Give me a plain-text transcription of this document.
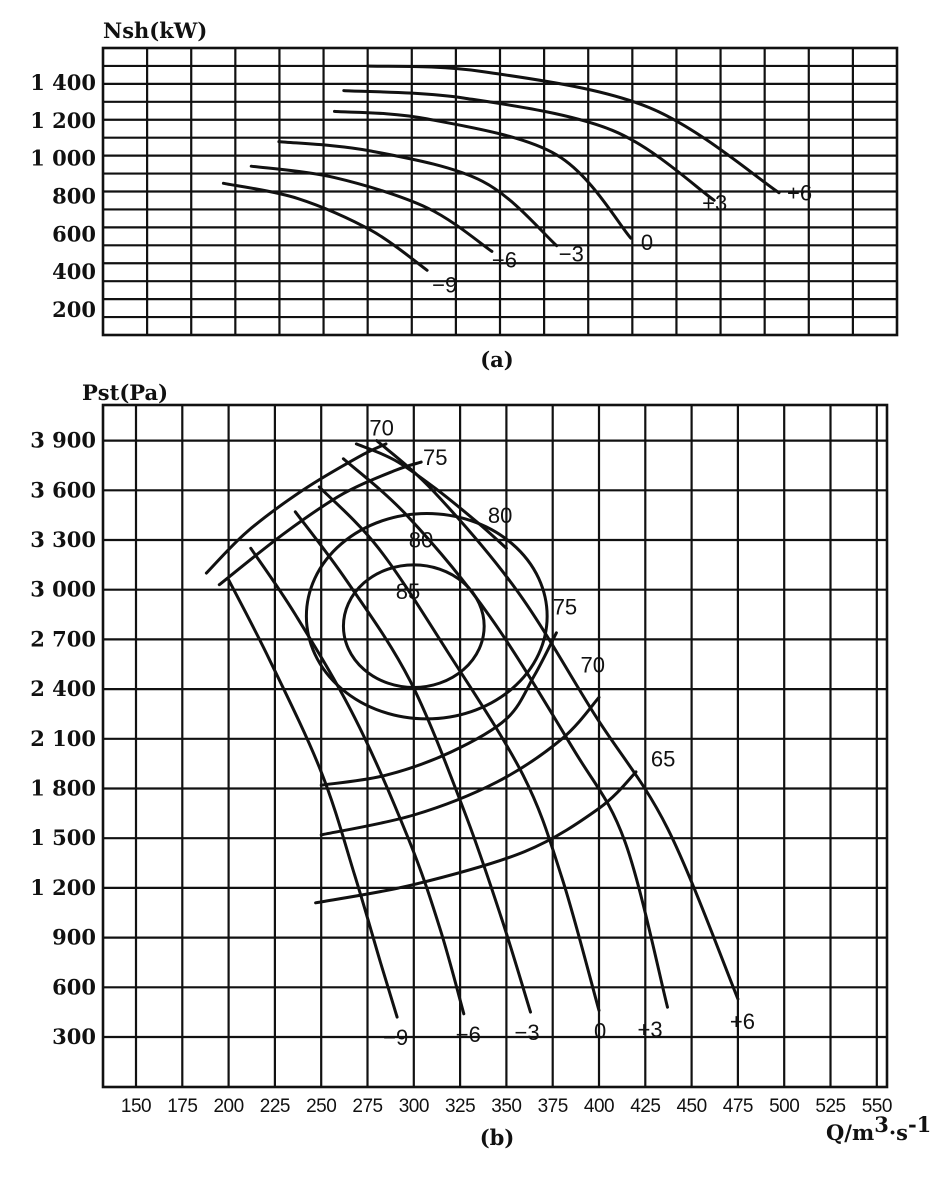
200
400
600
800
1 000
1 200
1 400
Nsh(kW)
(a)
−9
−6 −3	0
+3	+6
300
600
900
1 200
1 500
1 800
2 100
2 400
2 700
3 000
3 300
3 600
3 900
150 175 200 225 250 275 300 325 350 375 400 425 450 475 500 525 550
Pst(Pa)
(b)	Q/m3·s-1
−9 −6 −3 0 +3	+6
85
80
75
70
65
70
75
80
